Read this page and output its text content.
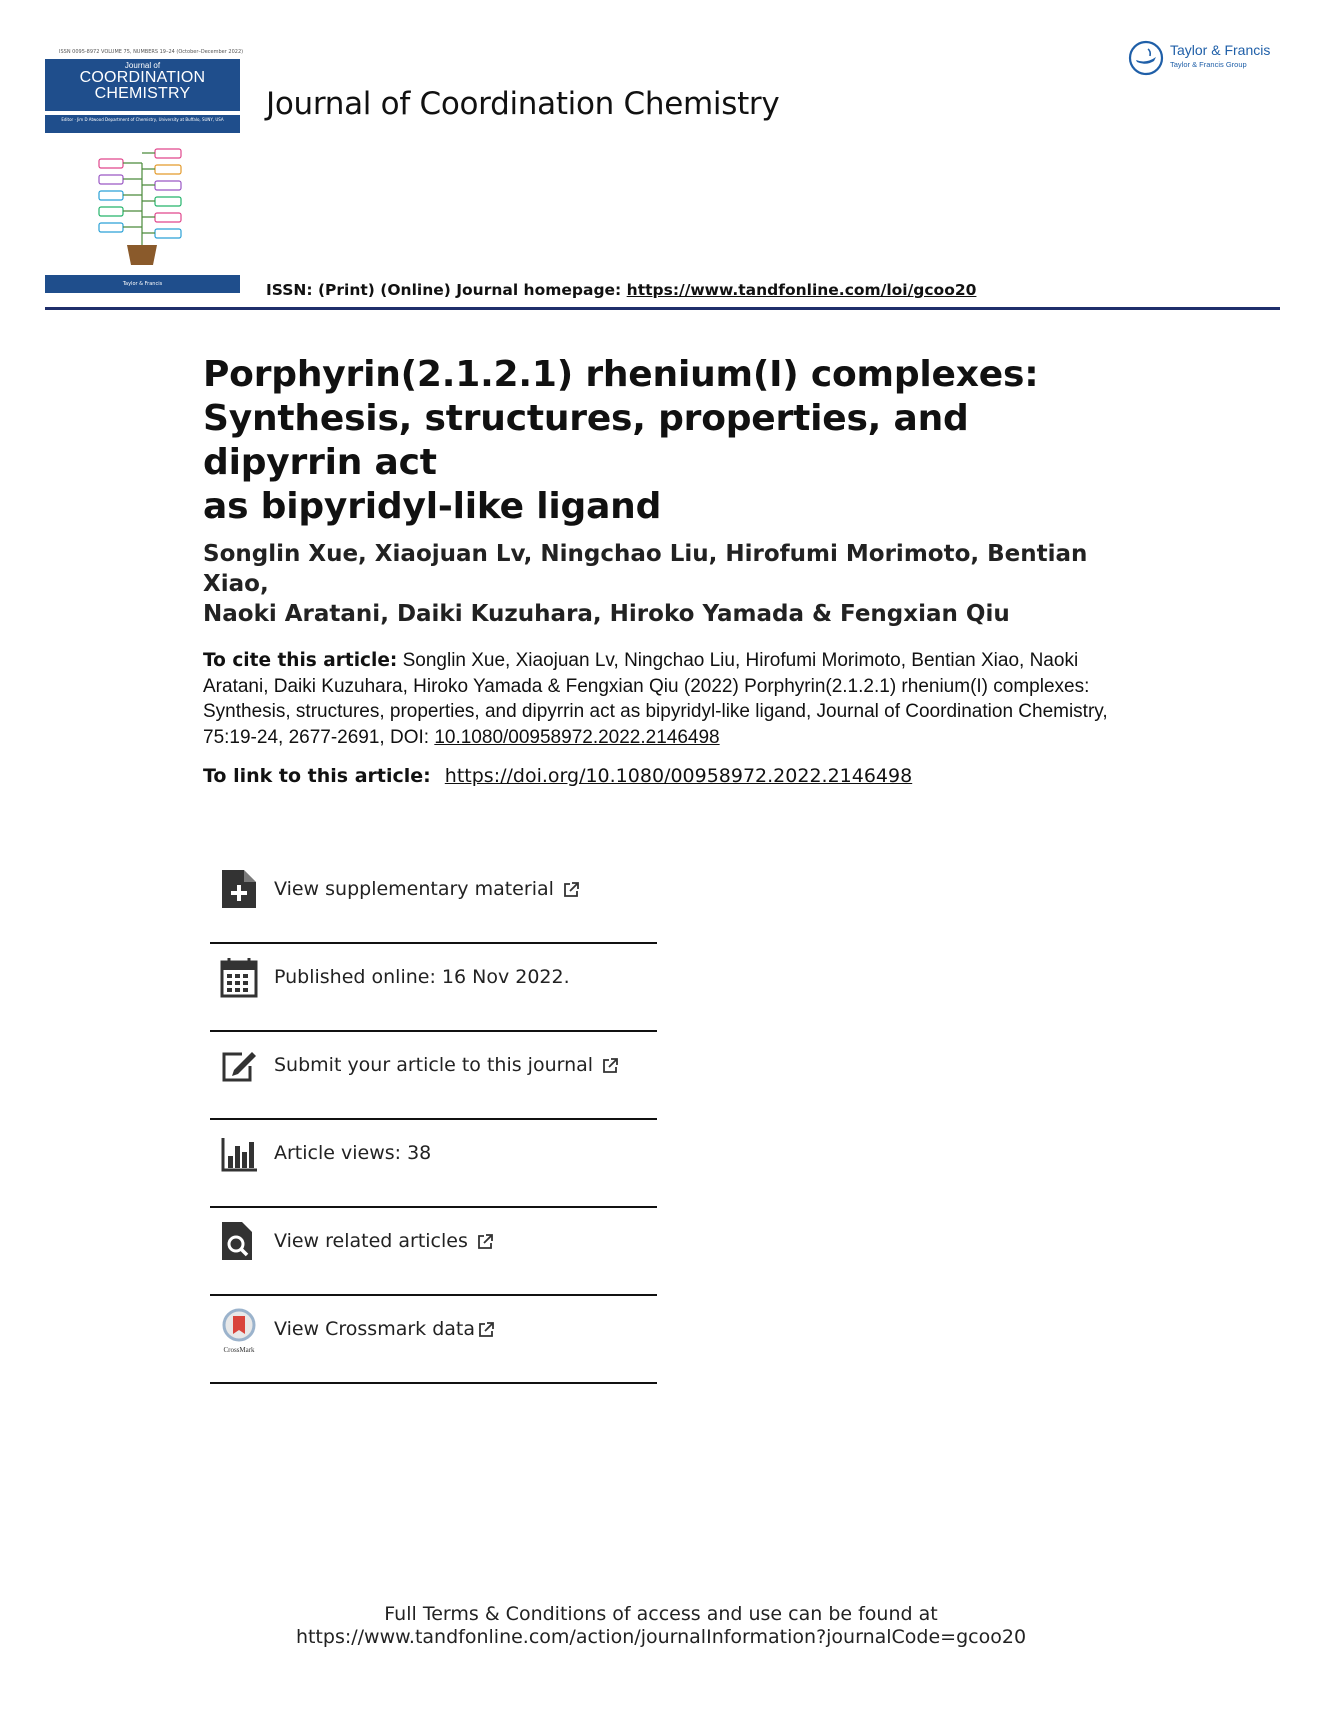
ISSN 0095-8972 VOLUME 75, NUMBERS 19–24 (October–December 2022)
Journal of
COORDINATION
CHEMISTRY
Editor · Jim D Atwood Department of Chemistry, University at Buffalo, SUNY, USA
Taylor & Francis
Journal of Coordination Chemistry
Taylor & Francis
Taylor & Francis Group
ISSN: (Print) (Online) Journal homepage: https://www.tandfonline.com/loi/gcoo20
Porphyrin(2.1.2.1) rhenium(I) complexes:
Synthesis, structures, properties, and dipyrrin act
as bipyridyl-like ligand
Songlin Xue, Xiaojuan Lv, Ningchao Liu, Hirofumi Morimoto, Bentian Xiao,
Naoki Aratani, Daiki Kuzuhara, Hiroko Yamada & Fengxian Qiu
To cite this article: Songlin Xue, Xiaojuan Lv, Ningchao Liu, Hirofumi Morimoto, Bentian Xiao, Naoki Aratani, Daiki Kuzuhara, Hiroko Yamada & Fengxian Qiu (2022) Porphyrin(2.1.2.1) rhenium(I) complexes: Synthesis, structures, properties, and dipyrrin act as bipyridyl-like ligand, Journal of Coordination Chemistry, 75:19-24, 2677-2691, DOI: 10.1080/00958972.2022.2146498
To link to this article: https://doi.org/10.1080/00958972.2022.2146498
View supplementary material
Published online: 16 Nov 2022.
Submit your article to this journal
Article views: 38
View related articles
CrossMark
View Crossmark data
Full Terms & Conditions of access and use can be found at
https://www.tandfonline.com/action/journalInformation?journalCode=gcoo20
